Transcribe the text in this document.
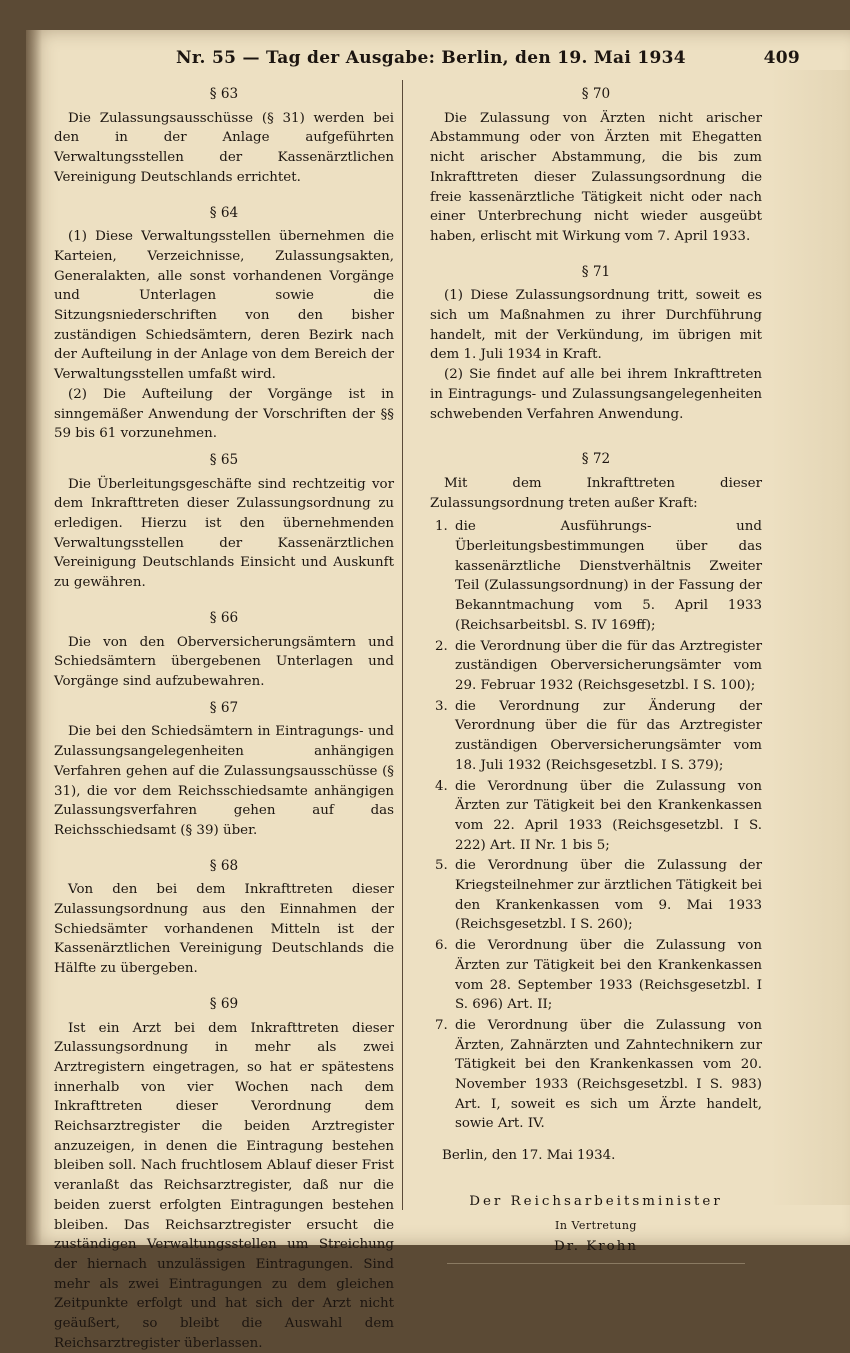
Nr. 55 — Tag der Ausgabe: Berlin, den 19. Mai 1934	409
§ 63

Die Zulassungsausschüsse (§ 31) werden bei den in der Anlage aufgeführten Verwaltungsstellen der Kassenärztlichen Vereinigung Deutschlands errichtet.

§ 64

(1) Diese Verwaltungsstellen übernehmen die Karteien, Verzeichnisse, Zulassungsakten, Generalakten, alle sonst vorhandenen Vorgänge und Unterlagen sowie die Sitzungsniederschriften von den bisher zuständigen Schiedsämtern, deren Bezirk nach der Aufteilung in der Anlage von dem Bereich der Verwaltungsstellen umfaßt wird.

(2) Die Aufteilung der Vorgänge ist in sinngemäßer Anwendung der Vorschriften der §§ 59 bis 61 vorzunehmen.

§ 65

Die Überleitungsgeschäfte sind rechtzeitig vor dem Inkrafttreten dieser Zulassungsordnung zu erledigen. Hierzu ist den übernehmenden Verwaltungsstellen der Kassenärztlichen Vereinigung Deutschlands Einsicht und Auskunft zu gewähren.

§ 66

Die von den Oberversicherungsämtern und Schiedsämtern übergebenen Unterlagen und Vorgänge sind aufzubewahren.

§ 67

Die bei den Schiedsämtern in Eintragungs- und Zulassungsangelegenheiten anhängigen Verfahren gehen auf die Zulassungsausschüsse (§ 31), die vor dem Reichsschiedsamte anhängigen Zulassungsverfahren gehen auf das Reichsschiedsamt (§ 39) über.

§ 68

Von den bei dem Inkrafttreten dieser Zulassungsordnung aus den Einnahmen der Schiedsämter vorhandenen Mitteln ist der Kassenärztlichen Vereinigung Deutschlands die Hälfte zu übergeben.

§ 69

Ist ein Arzt bei dem Inkrafttreten dieser Zulassungsordnung in mehr als zwei Arztregistern eingetragen, so hat er spätestens innerhalb von vier Wochen nach dem Inkrafttreten dieser Verordnung dem Reichsarztregister die beiden Arztregister anzuzeigen, in denen die Eintragung bestehen bleiben soll. Nach fruchtlosem Ablauf dieser Frist veranlaßt das Reichsarztregister, daß nur die beiden zuerst erfolgten Eintragungen bestehen bleiben. Das Reichsarztregister ersucht die zuständigen Verwaltungsstellen um Streichung der hiernach unzulässigen Eintragungen. Sind mehr als zwei Eintragungen zu dem gleichen Zeitpunkte erfolgt und hat sich der Arzt nicht geäußert, so bleibt die Auswahl dem Reichsarztregister überlassen.

§ 70

Die Zulassung von Ärzten nicht arischer Abstammung oder von Ärzten mit Ehegatten nicht arischer Abstammung, die bis zum Inkrafttreten dieser Zulassungsordnung die freie kassenärztliche Tätigkeit nicht oder nach einer Unterbrechung nicht wieder ausgeübt haben, erlischt mit Wirkung vom 7. April 1933.

§ 71

(1) Diese Zulassungsordnung tritt, soweit es sich um Maßnahmen zu ihrer Durchführung handelt, mit der Verkündung, im übrigen mit dem 1. Juli 1934 in Kraft.

(2) Sie findet auf alle bei ihrem Inkrafttreten in Eintragungs- und Zulassungsangelegenheiten schwebenden Verfahren Anwendung.

§ 72

Mit dem Inkrafttreten dieser Zulassungsordnung treten außer Kraft:

1. die Ausführungs- und Überleitungsbestimmungen über das kassenärztliche Dienstverhältnis Zweiter Teil (Zulassungsordnung) in der Fassung der Bekanntmachung vom 5. April 1933 (Reichsarbeitsbl. S. IV 169ff);
2. die Verordnung über die für das Arztregister zuständigen Oberversicherungsämter vom 29. Februar 1932 (Reichsgesetzbl. I S. 100);
3. die Verordnung zur Änderung der Verordnung über die für das Arztregister zuständigen Oberversicherungsämter vom 18. Juli 1932 (Reichsgesetzbl. I S. 379);
4. die Verordnung über die Zulassung von Ärzten zur Tätigkeit bei den Krankenkassen vom 22. April 1933 (Reichsgesetzbl. I S. 222) Art. II Nr. 1 bis 5;
5. die Verordnung über die Zulassung der Kriegsteilnehmer zur ärztlichen Tätigkeit bei den Krankenkassen vom 9. Mai 1933 (Reichsgesetzbl. I S. 260);
6. die Verordnung über die Zulassung von Ärzten zur Tätigkeit bei den Krankenkassen vom 28. September 1933 (Reichsgesetzbl. I S. 696) Art. II;
7. die Verordnung über die Zulassung von Ärzten, Zahnärzten und Zahntechnikern zur Tätigkeit bei den Krankenkassen vom 20. November 1933 (Reichsgesetzbl. I S. 983) Art. I, soweit es sich um Ärzte handelt, sowie Art. IV.

Berlin, den 17. Mai 1934.

Der Reichsarbeitsminister
In Vertretung
Dr. Krohn
